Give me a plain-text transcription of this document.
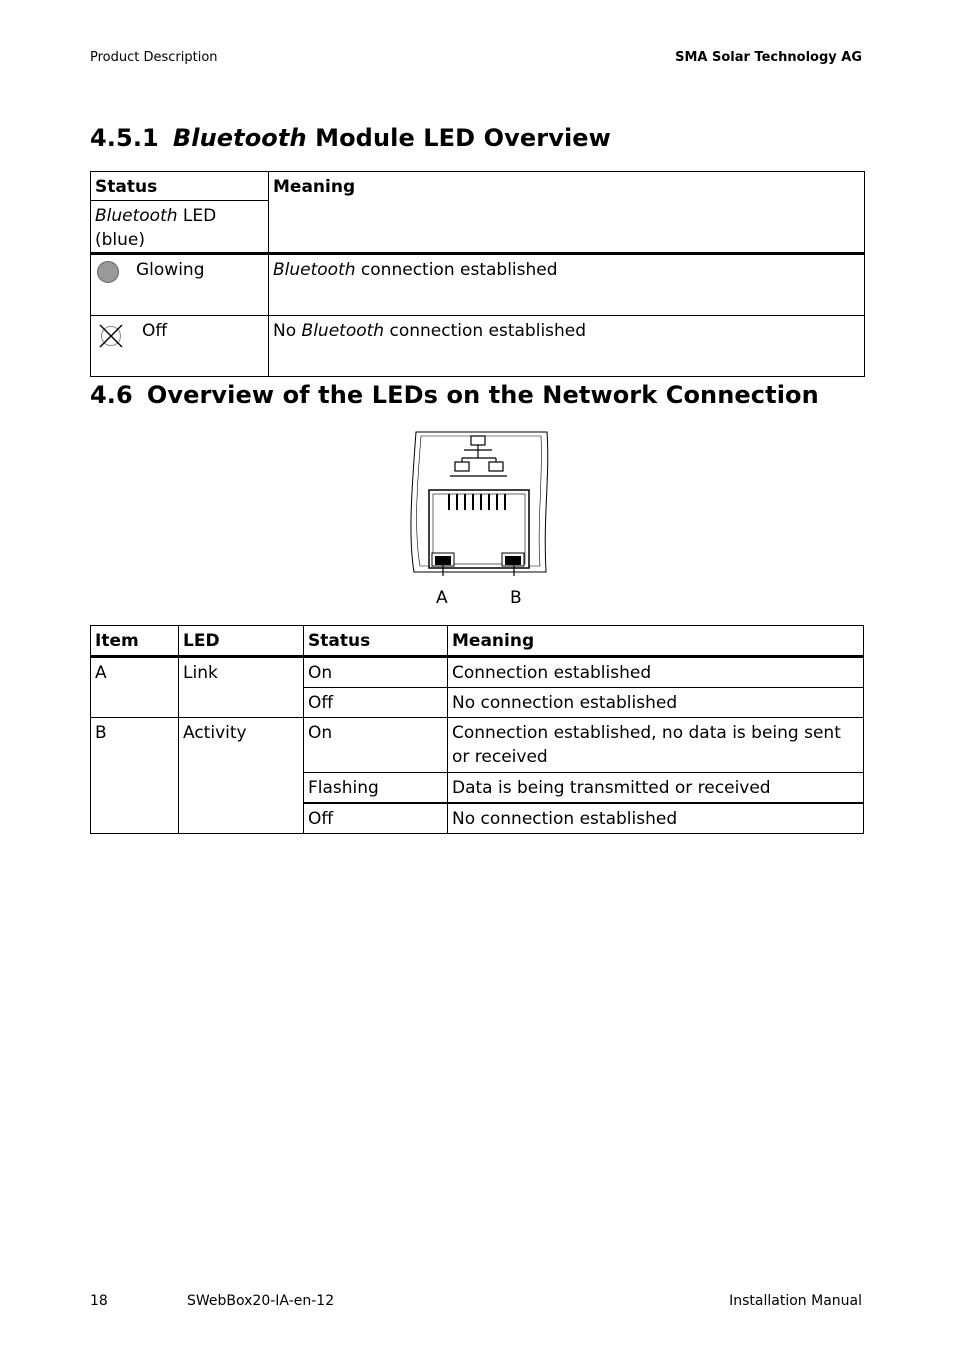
Product Description	SMA Solar Technology AG
4.5.1 Bluetooth Module LED Overview
Status	Meaning
Bluetooth LED (blue)	

Glowing	Bluetooth connection established

Off	No Bluetooth connection established
4.6 Overview of the LEDs on the Network Connection
A	B
Item	LED	Status	Meaning
A	Link	On	Connection established
		Off	No connection established
B	Activity	On	Connection established, no data is being sent or received
		Flashing	Data is being transmitted or received
		Off	No connection established
18	SWebBox20-IA-en-12	Installation Manual
